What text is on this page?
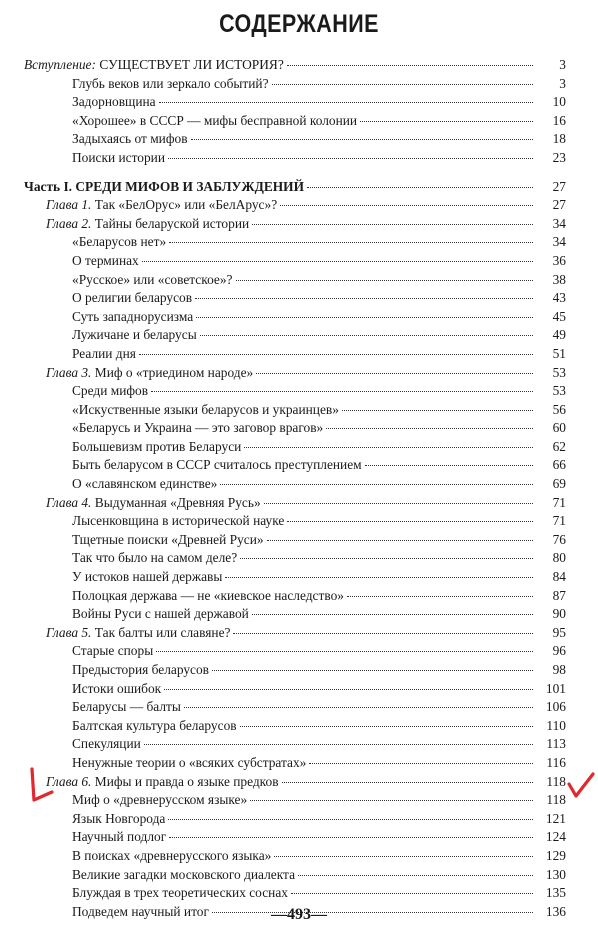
СОДЕРЖАНИЕ
Вступление: СУЩЕСТВУЕТ ЛИ ИСТОРИЯ?	3
Глубь веков или зеркало событий?	3
Задорновщина	10
«Хорошее» в СССР — мифы бесправной колонии	16
Задыхаясь от мифов	18
Поиски истории	23
Часть I. СРЕДИ МИФОВ И ЗАБЛУЖДЕНИЙ	27
Глава 1. Так «БелОрус» или «БелАрус»?	27
Глава 2. Тайны беларуской истории	34
«Беларусов нет»	34
О терминах	36
«Русское» или «советское»?	38
О религии беларусов	43
Суть западнорусизма	45
Лужичане и беларусы	49
Реалии дня	51
Глава 3. Миф о «триедином народе»	53
Среди мифов	53
«Искуственные языки беларусов и украинцев»	56
«Беларусь и Украина — это заговор врагов»	60
Большевизм против Беларуси	62
Быть беларусом в СССР считалось преступлением	66
О «славянском единстве»	69
Глава 4. Выдуманная «Древняя Русь»	71
Лысенковщина в исторической науке	71
Тщетные поиски «Древней Руси»	76
Так что было на самом деле?	80
У истоков нашей державы	84
Полоцкая держава — не «киевское наследство»	87
Войны Руси с нашей державой	90
Глава 5. Так балты или славяне?	95
Старые споры	96
Предыстория беларусов	98
Истоки ошибок	101
Беларусы — балты	106
Балтская культура беларусов	110
Спекуляции	113
Ненужные теории о «всяких субстратах»	116
Глава 6. Мифы и правда о языке предков	118
Миф о «древнерусском языке»	118
Язык Новгорода	121
Научный подлог	124
В поисках «древнерусского языка»	129
Великие загадки московского диалекта	130
Блуждая в трех теоретических соснах	135
Подведем научный итог	136
—493—
